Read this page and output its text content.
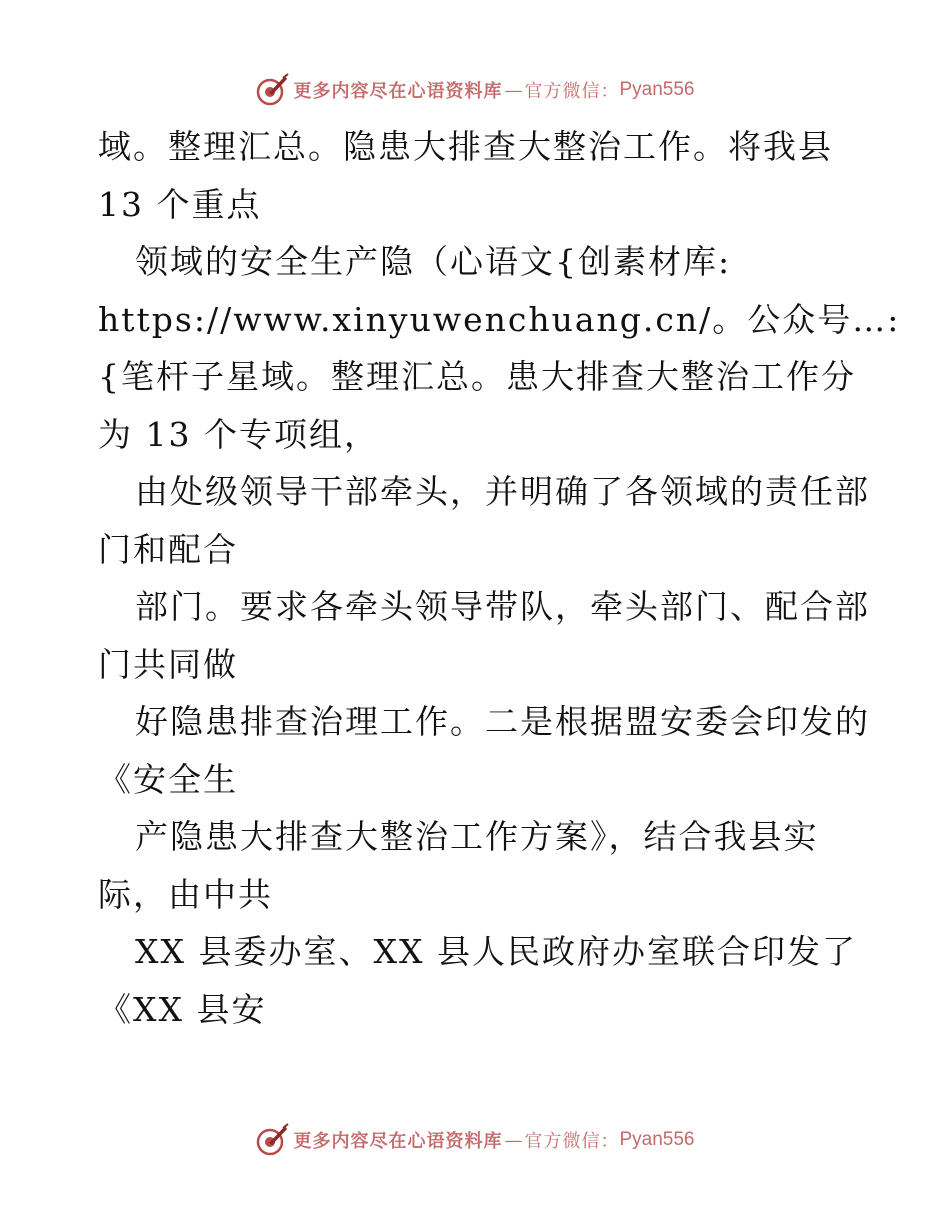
更多内容尽在心语资料库 — 官方微信： Pyan556
域。整理汇总。隐患大排查大整治工作。将我县
13 个重点
领域的安全生产隐（心语文{创素材库:
https://www.xinyuwenchuang.cn/。公众号…:
{笔杆子星域。整理汇总。患大排查大整治工作分
为 13 个专项组，
由处级领导干部牵头，并明确了各领域的责任部
门和配合
部门。要求各牵头领导带队，牵头部门、配合部
门共同做
好隐患排查治理工作。二是根据盟安委会印发的
《安全生
产隐患大排查大整治工作方案》，结合我县实
际，由中共
XX 县委办室、XX 县人民政府办室联合印发了
《XX 县安
更多内容尽在心语资料库 — 官方微信： Pyan556
